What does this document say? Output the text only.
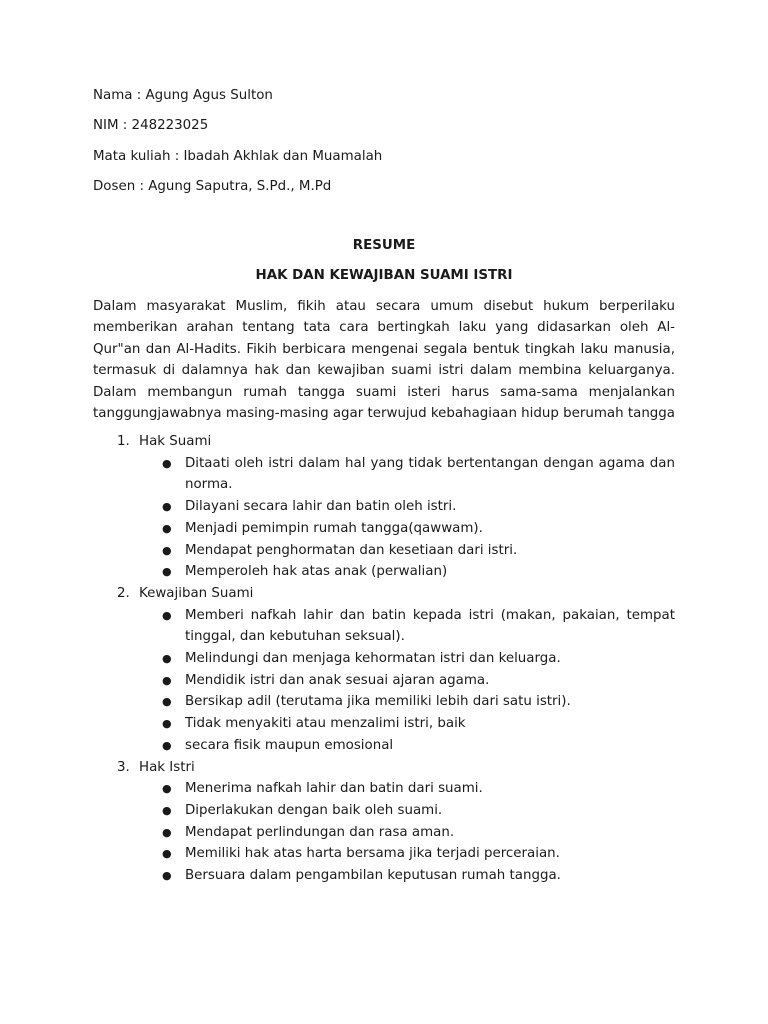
Nama : Agung Agus Sulton
NIM : 248223025
Mata kuliah : Ibadah Akhlak dan Muamalah
Dosen : Agung Saputra, S.Pd., M.Pd
RESUME
HAK DAN KEWAJIBAN SUAMI ISTRI

Dalam masyarakat Muslim, fikih atau secara umum disebut hukum berperilaku memberikan arahan tentang tata cara bertingkah laku yang didasarkan oleh Al-Qur"an dan Al-Hadits. Fikih berbicara mengenai segala bentuk tingkah laku manusia, termasuk di dalamnya hak dan kewajiban suami istri dalam membina keluarganya. Dalam membangun rumah tangga suami isteri harus sama-sama menjalankan tanggungjawabnya masing-masing agar terwujud kebahagiaan hidup berumah tangga

1. Hak Suami
● Ditaati oleh istri dalam hal yang tidak bertentangan dengan agama dan norma.
● Dilayani secara lahir dan batin oleh istri.
● Menjadi pemimpin rumah tangga(qawwam).
● Mendapat penghormatan dan kesetiaan dari istri.
● Memperoleh hak atas anak (perwalian)
2. Kewajiban Suami
● Memberi nafkah lahir dan batin kepada istri (makan, pakaian, tempat tinggal, dan kebutuhan seksual).
● Melindungi dan menjaga kehormatan istri dan keluarga.
● Mendidik istri dan anak sesuai ajaran agama.
● Bersikap adil (terutama jika memiliki lebih dari satu istri).
● Tidak menyakiti atau menzalimi istri, baik
● secara fisik maupun emosional
3. Hak Istri
● Menerima nafkah lahir dan batin dari suami.
● Diperlakukan dengan baik oleh suami.
● Mendapat perlindungan dan rasa aman.
● Memiliki hak atas harta bersama jika terjadi perceraian.
● Bersuara dalam pengambilan keputusan rumah tangga.
